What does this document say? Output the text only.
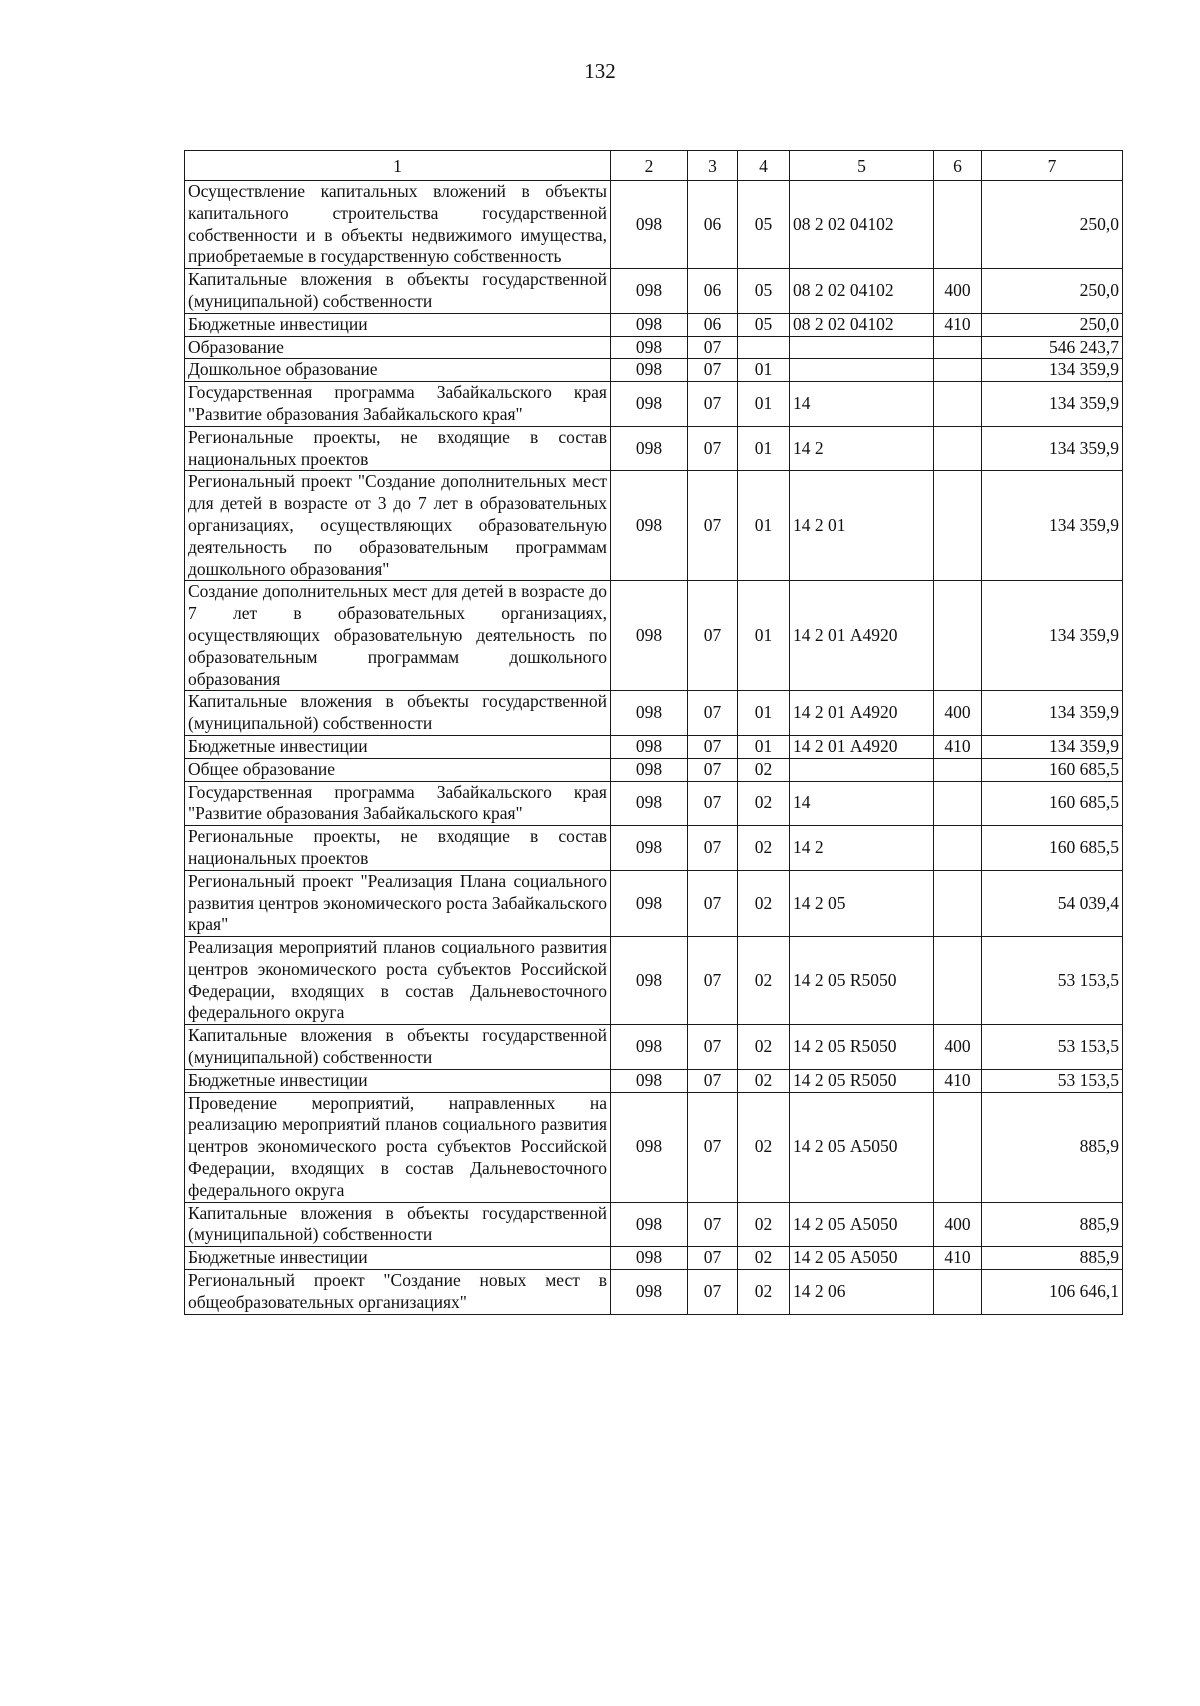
132
1	2	3	4	5	6	7
Осуществление капитальных вложений в объекты капитального строительства государственной собственности и в объекты недвижимого имущества, приобретаемые в государственную собственность	098	06	05	08 2 02 04102		250,0
Капитальные вложения в объекты государственной (муниципальной) собственности	098	06	05	08 2 02 04102	400	250,0
Бюджетные инвестиции	098	06	05	08 2 02 04102	410	250,0
Образование	098	07				546 243,7
Дошкольное образование	098	07	01			134 359,9
Государственная программа Забайкальского края "Развитие образования Забайкальского края"	098	07	01	14		134 359,9
Региональные проекты, не входящие в состав национальных проектов	098	07	01	14 2		134 359,9
Региональный проект "Создание дополнительных мест для детей в возрасте от 3 до 7 лет в образовательных организациях, осуществляющих образовательную деятельность по образовательным программам дошкольного образования"	098	07	01	14 2 01		134 359,9
Создание дополнительных мест для детей в возрасте до 7 лет в образовательных организациях, осуществляющих образовательную деятельность по образовательным программам дошкольного образования	098	07	01	14 2 01 А4920		134 359,9
Капитальные вложения в объекты государственной (муниципальной) собственности	098	07	01	14 2 01 А4920	400	134 359,9
Бюджетные инвестиции	098	07	01	14 2 01 А4920	410	134 359,9
Общее образование	098	07	02			160 685,5
Государственная программа Забайкальского края "Развитие образования Забайкальского края"	098	07	02	14		160 685,5
Региональные проекты, не входящие в состав национальных проектов	098	07	02	14 2		160 685,5
Региональный проект "Реализация Плана социального развития центров экономического роста Забайкальского края"	098	07	02	14 2 05		54 039,4
Реализация мероприятий планов социального развития центров экономического роста субъектов Российской Федерации, входящих в состав Дальневосточного федерального округа	098	07	02	14 2 05 R5050		53 153,5
Капитальные вложения в объекты государственной (муниципальной) собственности	098	07	02	14 2 05 R5050	400	53 153,5
Бюджетные инвестиции	098	07	02	14 2 05 R5050	410	53 153,5
Проведение мероприятий, направленных на реализацию мероприятий планов социального развития центров экономического роста субъектов Российской Федерации, входящих в состав Дальневосточного федерального округа	098	07	02	14 2 05 А5050		885,9
Капитальные вложения в объекты государственной (муниципальной) собственности	098	07	02	14 2 05 А5050	400	885,9
Бюджетные инвестиции	098	07	02	14 2 05 А5050	410	885,9
Региональный проект "Создание новых мест в общеобразовательных организациях"	098	07	02	14 2 06		106 646,1
